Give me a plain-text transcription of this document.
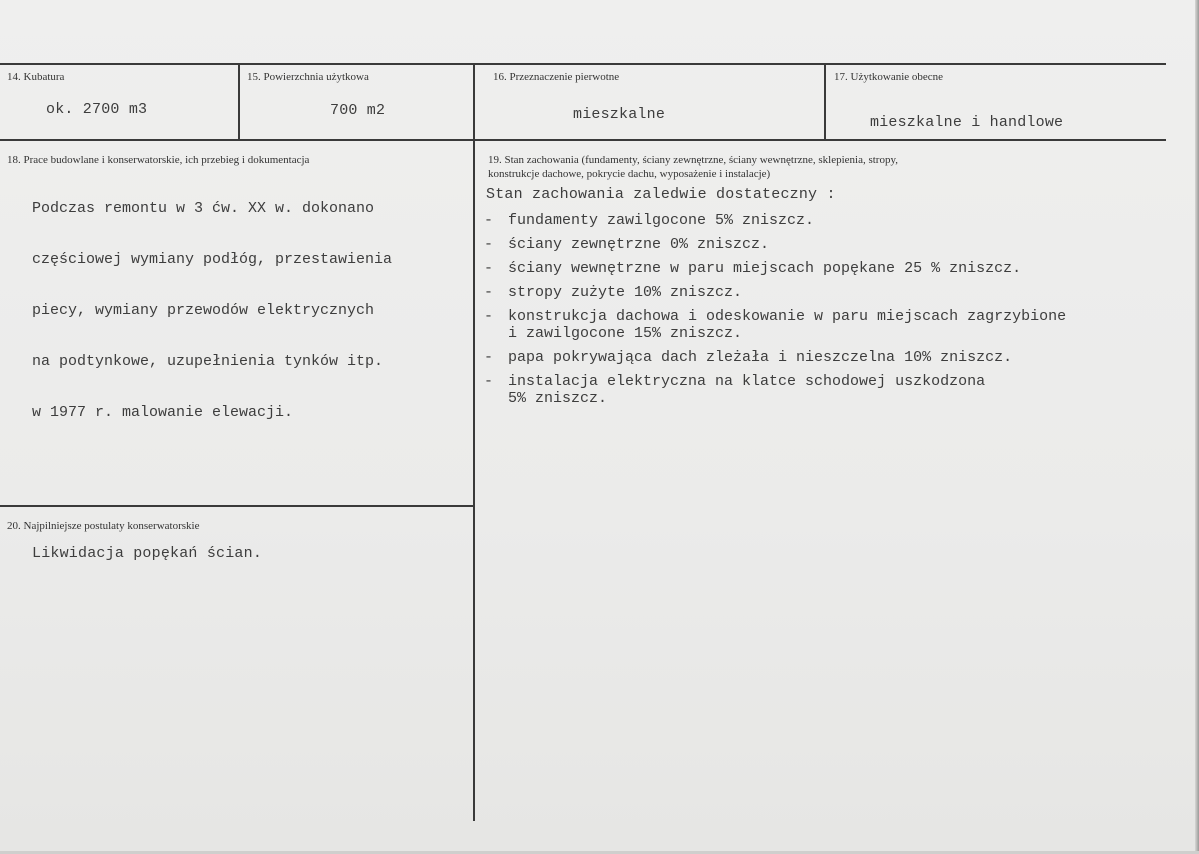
14. Kubatura
ok. 2700 m3
15. Powierzchnia użytkowa
700 m2
16. Przeznaczenie pierwotne
mieszkalne
17. Użytkowanie obecne
mieszkalne i handlowe
18. Prace budowlane i konserwatorskie, ich przebieg i dokumentacja

Podczas remontu w 3 ćw. XX w. dokonano

częściowej wymiany podłóg, przestawienia

piecy, wymiany przewodów elektrycznych

na podtynkowe, uzupełnienia tynków itp.

w 1977 r. malowanie elewacji.

19. Stan zachowania (fundamenty, ściany zewnętrzne, ściany wewnętrzne, sklepienia, stropy,
konstrukcje dachowe, pokrycie dachu, wyposażenie i instalacje)
Stan zachowania zaledwie dostateczny :
- fundamenty zawilgocone 5% zniszcz.
- ściany zewnętrzne 0% zniszcz.
- ściany wewnętrzne w paru miejscach popękane 25 % zniszcz.
- stropy zużyte 10% zniszcz.
- konstrukcja dachowa i odeskowanie w paru miejscach zagrzybione
i zawilgocone 15% zniszcz.
- papa pokrywająca dach zleżała i nieszczelna 10% zniszcz.
- instalacja elektryczna na klatce schodowej uszkodzona
5% zniszcz.
20. Najpilniejsze postulaty konserwatorskie
Likwidacja popękań ścian.
